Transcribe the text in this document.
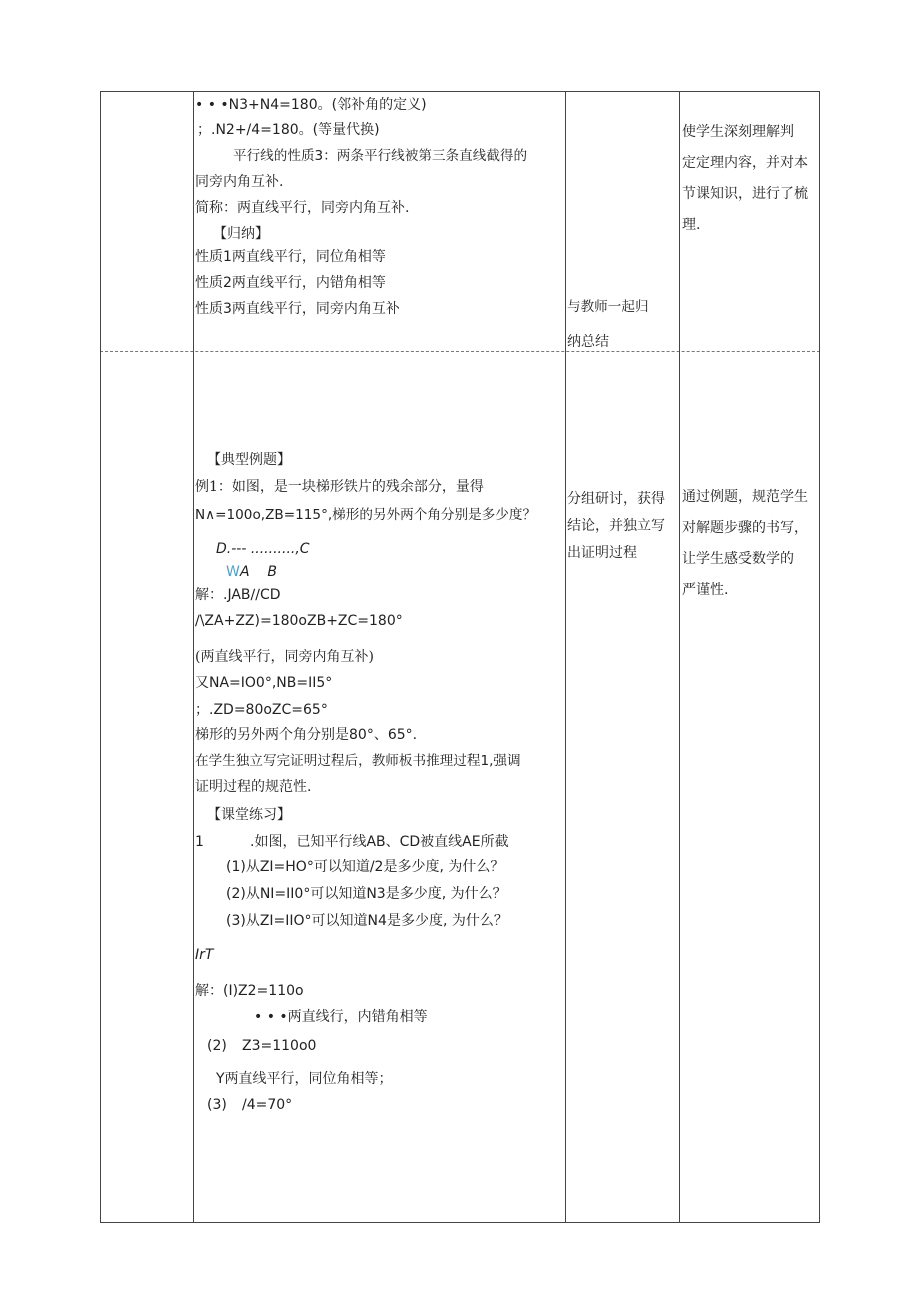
• • •N3+N4=180。(邻补角的定义)
；.N2+/4=180。(等量代换)
平行线的性质3：两条平行线被第三条直线截得的
同旁内角互补.
简称：两直线平行，同旁内角互补.
【归纳】
性质1两直线平行，同位角相等
性质2两直线平行，内错角相等
性质3两直线平行，同旁内角互补	与教师一起归
纳总结
使学生深刻理解判
定定理内容，并对本
节课知识，进行了梳
理.
【典型例题】
例1：如图，是一块梯形铁片的残余部分，量得
N∧=100o,ZB=115°,梯形的另外两个角分别是多少度？
D.--- ..........,C
W A    B
解：.JAB∕∕CD
∕\ZA+ZZ)=180oZB+ZC=180°
(两直线平行，同旁内角互补)
又NA=IO0°,NB=II5°
；.ZD=80oZC=65°
梯形的另外两个角分别是80°、65°.
在学生独立写完证明过程后，教师板书推理过程1,强调
证明过程的规范性.
【课堂练习】
1	.如图，已知平行线AB、CD被直线AE所截
(1)从ZI=HO°可以知道/2是多少度, 为什么？
(2)从NI=II0°可以知道N3是多少度, 为什么？
(3)从ZI=IIO°可以知道N4是多少度, 为什么？
IrT
解：(I)Z2=110o
• • •两直线行，内错角相等
(2) Z3=110o0
Y两直线平行，同位角相等；
(3) /4=70°
分组研讨，获得
结论，并独立写
出证明过程
通过例题，规范学生
对解题步骤的书写，
让学生感受数学的
严谨性.
